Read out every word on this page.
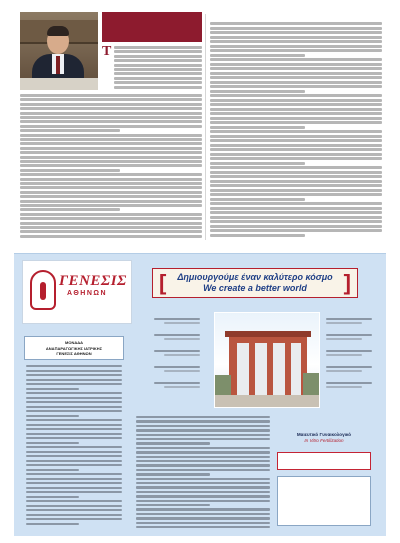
T
ΓΕΝΕΣΙΣ
ΑΘΗΝΩΝ [	]
Δημιουργούμε έναν καλύτερο κόσμο
We create a better world
ΜΟΝΑΔΑ
ΑΝΑΠΑΡΑΓΩΓΙΚΗΣ ΙΑΤΡΙΚΗΣ
ΓΕΝΕΣΙΣ ΑΘΗΝΩΝ
Μαιευτικό Γυναικολογικό
In Vitro Fertilization
